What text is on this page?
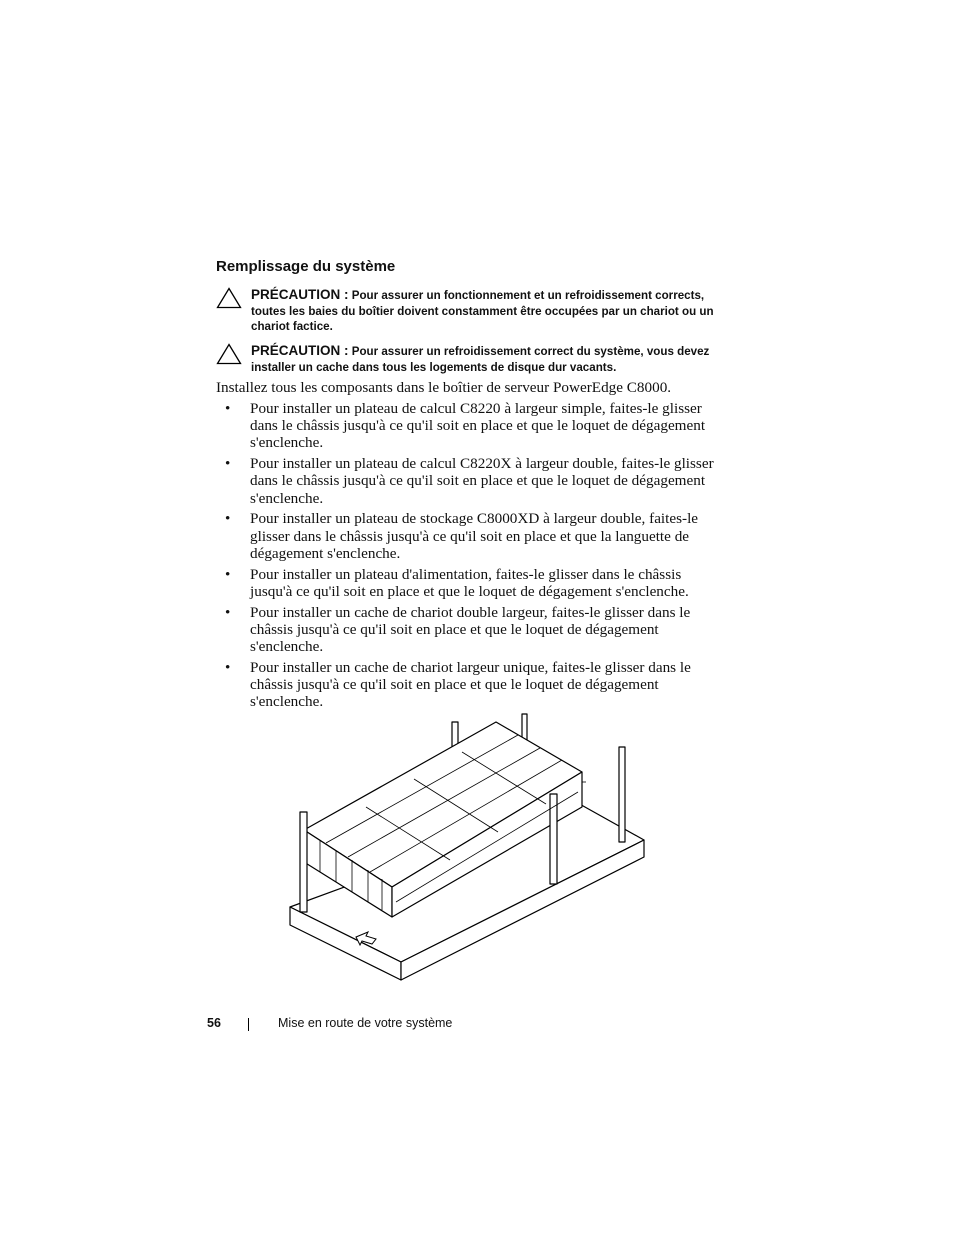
Remplissage du système
PRÉCAUTION : Pour assurer un fonctionnement et un refroidissement corrects, toutes les baies du boîtier doivent constamment être occupées par un chariot ou un chariot factice.
PRÉCAUTION : Pour assurer un refroidissement correct du système, vous devez installer un cache dans tous les logements de disque dur vacants.
Installez tous les composants dans le boîtier de serveur PowerEdge C8000.
• Pour installer un plateau de calcul C8220 à largeur simple, faites-le glisser dans le châssis jusqu'à ce qu'il soit en place et que le loquet de dégagement s'enclenche.
• Pour installer un plateau de calcul C8220X à largeur double, faites-le glisser dans le châssis jusqu'à ce qu'il soit en place et que le loquet de dégagement s'enclenche.
• Pour installer un plateau de stockage C8000XD à largeur double, faites-le glisser dans le châssis jusqu'à ce qu'il soit en place et que la languette de dégagement s'enclenche.
• Pour installer un plateau d'alimentation, faites-le glisser dans le châssis jusqu'à ce qu'il soit en place et que le loquet de dégagement s'enclenche.
• Pour installer un cache de chariot double largeur, faites-le glisser dans le châssis jusqu'à ce qu'il soit en place et que le loquet de dégagement s'enclenche.
• Pour installer un cache de chariot largeur unique, faites-le glisser dans le châssis jusqu'à ce qu'il soit en place et que le loquet de dégagement s'enclenche.
56	Mise en route de votre système
